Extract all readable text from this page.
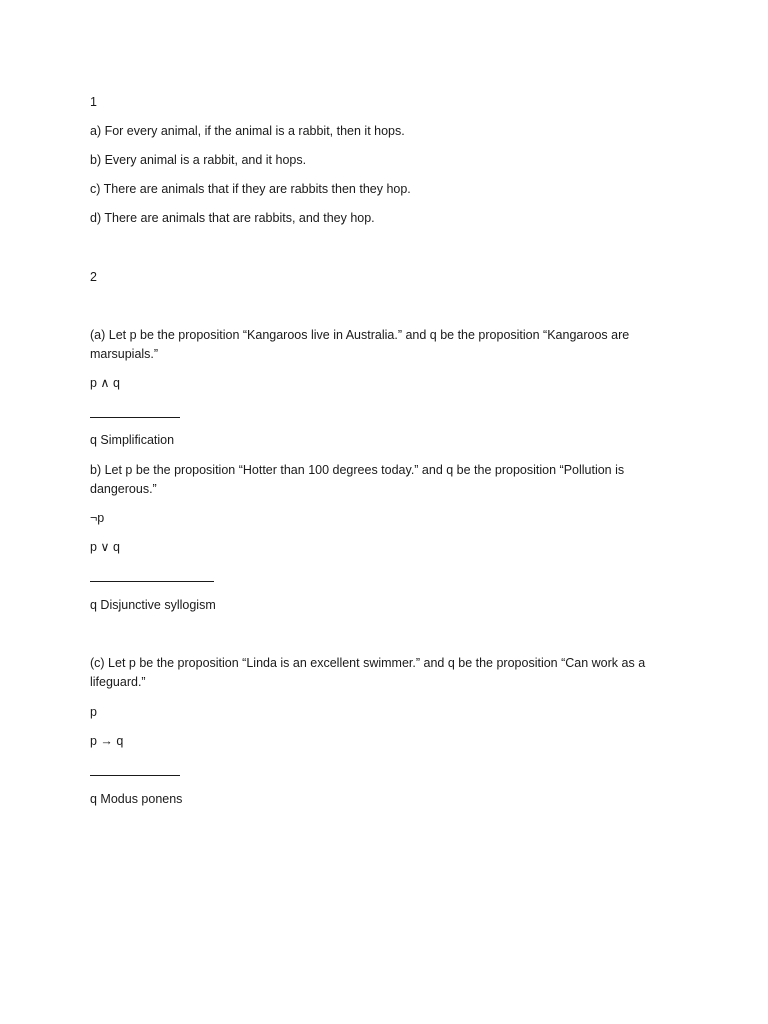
1
a) For every animal, if the animal is a rabbit, then it hops.
b) Every animal is a rabbit, and it hops.
c) There are animals that if they are rabbits then they hop.
d) There are animals that are rabbits, and they hop.
2
(a) Let p be the proposition “Kangaroos live in Australia.” and q be the proposition “Kangaroos are marsupials.”
p ∧ q
q Simplification
b) Let p be the proposition “Hotter than 100 degrees today.” and q be the proposition “Pollution is dangerous.”
¬p
p ∨ q
q Disjunctive syllogism
(c) Let p be the proposition “Linda is an excellent swimmer.” and q be the proposition “Can work as a lifeguard.”
p
p → q
q Modus ponens
